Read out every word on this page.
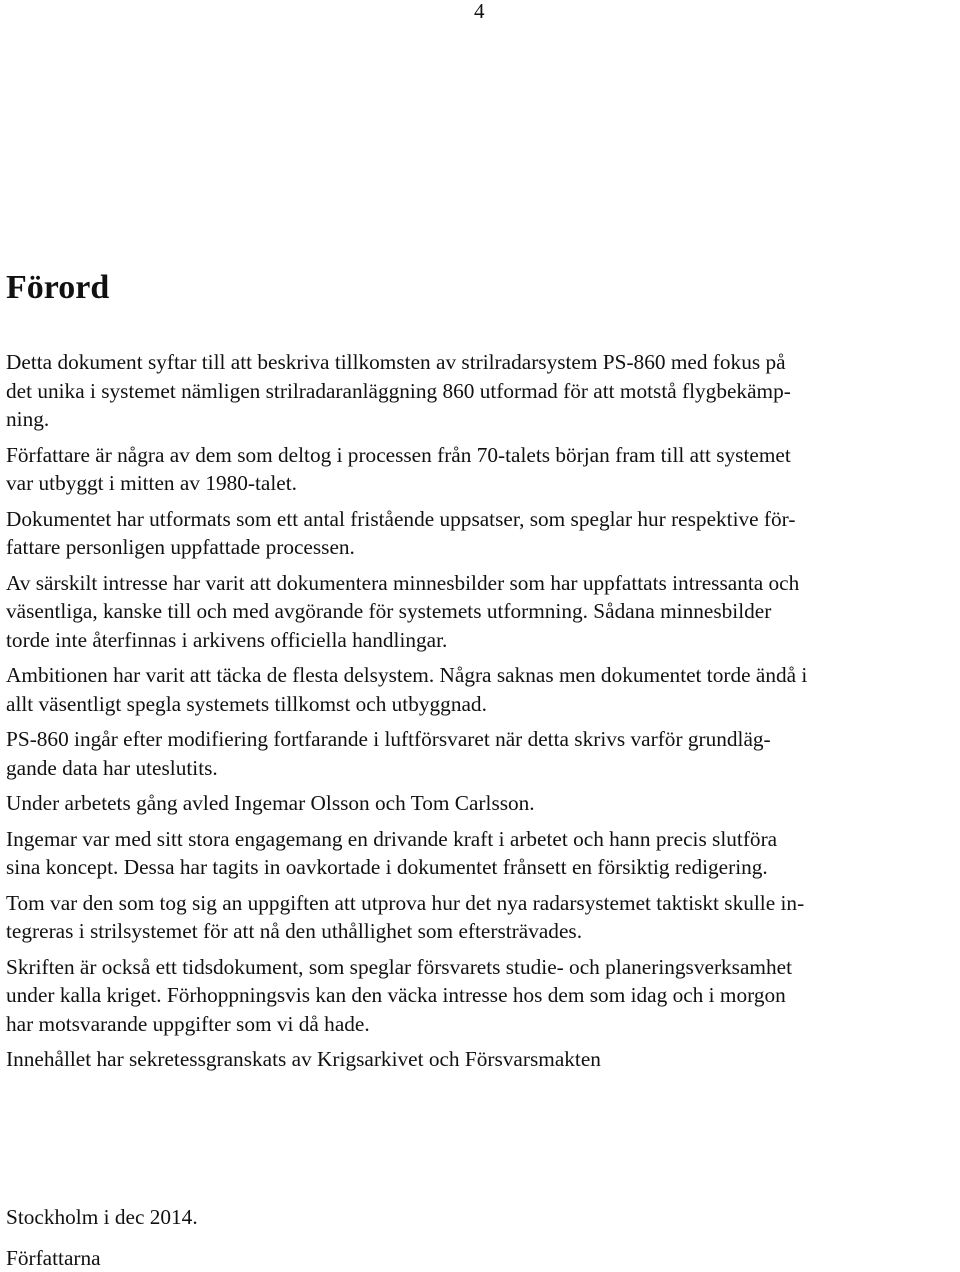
4
Förord

Detta dokument syftar till att beskriva tillkomsten av strilradarsystem PS-860 med fokus på
det unika i systemet nämligen strilradaranläggning 860 utformad för att motstå flygbekämp-
ning.

Författare är några av dem som deltog i processen från 70-talets början fram till att systemet
var utbyggt i mitten av 1980-talet.

Dokumentet har utformats som ett antal fristående uppsatser, som speglar hur respektive för-
fattare personligen uppfattade processen.

Av särskilt intresse har varit att dokumentera minnesbilder som har uppfattats intressanta och
väsentliga, kanske till och med avgörande för systemets utformning. Sådana minnesbilder
torde inte återfinnas i arkivens officiella handlingar.

Ambitionen har varit att täcka de flesta delsystem. Några saknas men dokumentet torde ändå i
allt väsentligt spegla systemets tillkomst och utbyggnad.

PS-860 ingår efter modifiering fortfarande i luftförsvaret när detta skrivs varför grundläg-
gande data har uteslutits.

Under arbetets gång avled Ingemar Olsson och Tom Carlsson.

Ingemar var med sitt stora engagemang en drivande kraft i arbetet och hann precis slutföra
sina koncept. Dessa har tagits in oavkortade i dokumentet frånsett en försiktig redigering.

Tom var den som tog sig an uppgiften att utprova hur det nya radarsystemet taktiskt skulle in-
tegreras i strilsystemet för att nå den uthållighet som eftersträvades.

Skriften är också ett tidsdokument, som speglar försvarets studie- och planeringsverksamhet
under kalla kriget. Förhoppningsvis kan den väcka intresse hos dem som idag och i morgon
har motsvarande uppgifter som vi då hade.

Innehållet har sekretessgranskats av Krigsarkivet och Försvarsmakten

Stockholm i dec 2014.

Författarna
